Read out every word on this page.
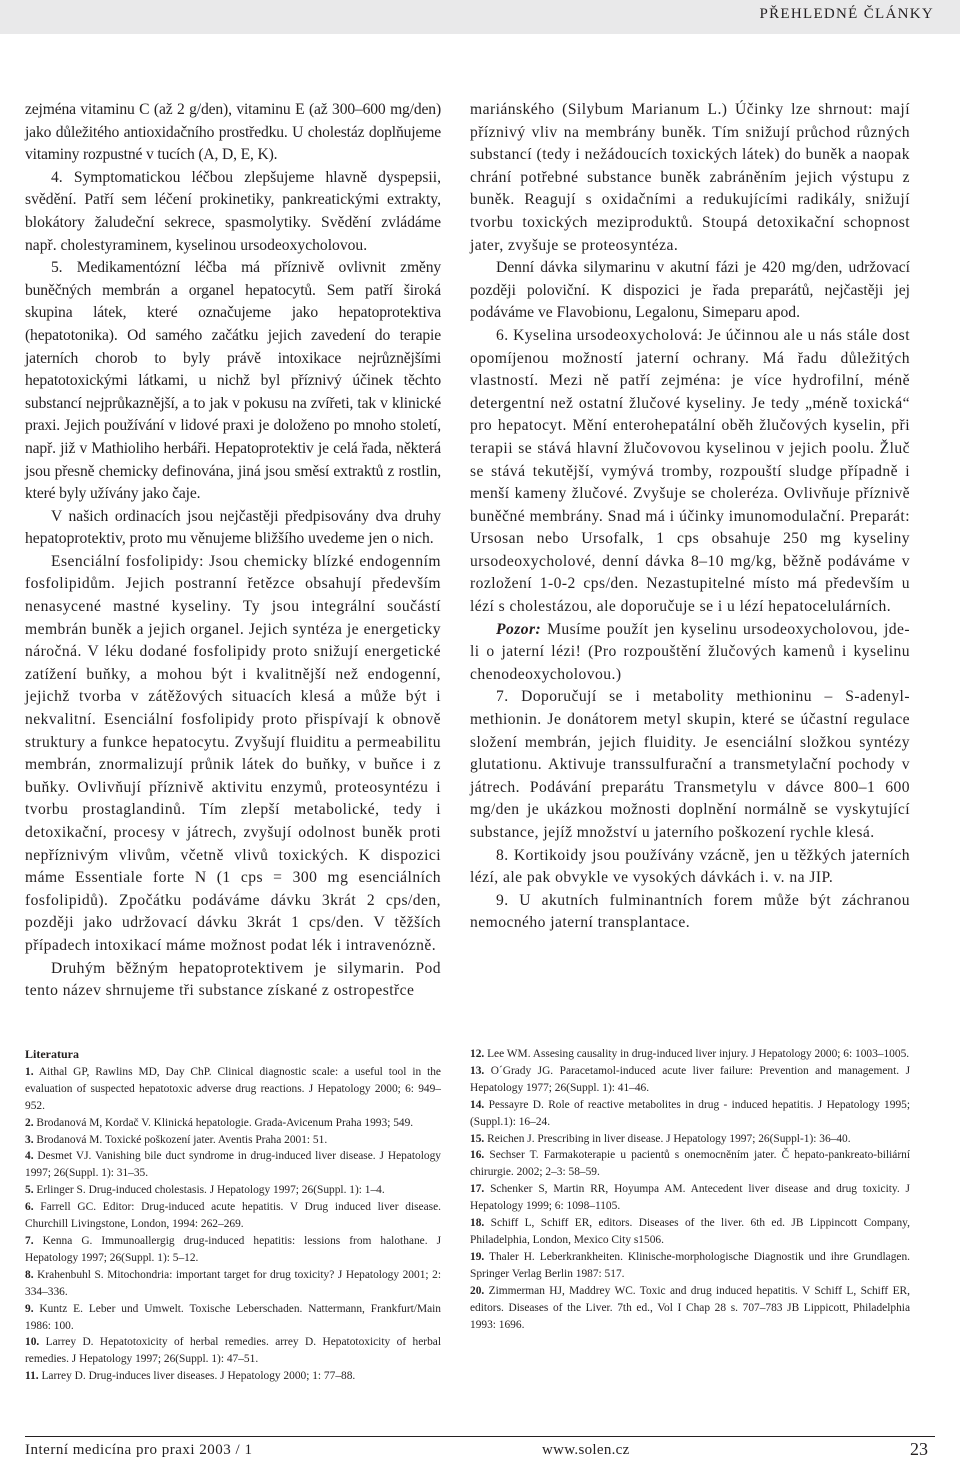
PŘEHLEDNÉ ČLÁNKY

zejména vitaminu C (až 2 g/den), vitaminu E (až 300–600 mg/den) jako důležitého antioxidačního prostředku. U cholestáz doplňujeme vitaminy rozpustné v tucích (A, D, E, K).

4. Symptomatickou léčbou zlepšujeme hlavně dyspepsii, svědění. Patří sem léčení prokinetiky, pankreatickými extrakty, blokátory žaludeční sekrece, spasmolytiky. Svědění zvládáme např. cholestyraminem, kyselinou ursodeoxycholovou.

5. Medikamentózní léčba má příznivě ovlivnit změny buněčných membrán a organel hepatocytů. Sem patří široká skupina látek, které označujeme jako hepatoprotektiva (hepatotonika). Od samého začátku jejich zavedení do terapie jaterních chorob to byly právě intoxikace nejrůznějšími hepatotoxickými látkami, u nichž byl příznivý účinek těchto substancí nejprůkaznější, a to jak v pokusu na zvířeti, tak v klinické praxi. Jejich používání v lidové praxi je doloženo po mnoho století, např. již v Mathioliho herbáři. Hepatoprotektiv je celá řada, některá jsou přesně chemicky definována, jiná jsou směsí extraktů z rostlin, které byly užívány jako čaje.

V našich ordinacích jsou nejčastěji předpisovány dva druhy hepatoprotektiv, proto mu věnujeme bližšího uvedeme jen o nich.

Esenciální fosfolipidy: Jsou chemicky blízké endogenním fosfolipidům. Jejich postranní řetězce obsahují především nenasycené mastné kyseliny. Ty jsou integrální součástí membrán buněk a jejich organel. Jejich syntéza je energeticky náročná. V léku dodané fosfolipidy proto snižují energetické zatížení buňky, a mohou být i kvalitnější než endogenní, jejichž tvorba v zátěžových situacích klesá a může být i nekvalitní. Esenciální fosfolipidy proto přispívají k obnově struktury a funkce hepatocytu. Zvyšují fluiditu a permeabilitu membrán, znormalizují průnik látek do buňky, v buňce i z buňky. Ovlivňují příznivě aktivitu enzymů, proteosyntézu i tvorbu prostaglandinů. Tím zlepší metabolické, tedy i detoxikační, procesy v játrech, zvyšují odolnost buněk proti nepříznivým vlivům, včetně vlivů toxických. K dispozici máme Essentiale forte N (1 cps = 300 mg esenciálních fosfolipidů). Zpočátku podáváme dávku 3krát 2 cps/den, později jako udržovací dávku 3krát 1 cps/den. V těžších případech intoxikací máme možnost podat lék i intravenózně.

Druhým běžným hepatoprotektivem je silymarin. Pod tento název shrnujeme tři substance získané z ostropestřce

mariánského (Silybum Marianum L.) Účinky lze shrnout: mají příznivý vliv na membrány buněk. Tím snižují průchod různých substancí (tedy i nežádoucích toxických látek) do buněk a naopak chrání potřebné substance buněk zabráněním jejich výstupu z buněk. Reagují s oxidačními a redukujícími radikály, snižují tvorbu toxických meziproduktů. Stoupá detoxikační schopnost jater, zvyšuje se proteosyntéza.

Denní dávka silymarinu v akutní fázi je 420 mg/den, udržovací později poloviční. K dispozici je řada preparátů, nejčastěji jej podáváme ve Flavobionu, Legalonu, Simeparu apod.

6. Kyselina ursodeoxycholová: Je účinnou ale u nás stále dost opomíjenou možností jaterní ochrany. Má řadu důležitých vlastností. Mezi ně patří zejména: je více hydrofilní, méně detergentní než ostatní žlučové kyseliny. Je tedy „méně toxická“ pro hepatocyt. Mění enterohepatální oběh žlučových kyselin, při terapii se stává hlavní žlučovovou kyselinou v jejich poolu. Žluč se stává tekutější, vymývá tromby, rozpouští sludge případně i menší kameny žlučové. Zvyšuje se choleréza. Ovlivňuje příznivě buněčné membrány. Snad má i účinky imunomodulační. Preparát: Ursosan nebo Ursofalk, 1 cps obsahuje 250 mg kyseliny ursodeoxycholové, denní dávka 8–10 mg/kg, běžně podáváme v rozložení 1-0-2 cps/den. Nezastupitelné místo má především u lézí s cholestázou, ale doporučuje se i u lézí hepatocelulárních.

Pozor: Musíme použít jen kyselinu ursodeoxycholovou, jde-li o jaterní lézi! (Pro rozpouštění žlučových kamenů i kyselinu chenodeoxycholovou.)

7. Doporučují se i metabolity methioninu – S-adenyl-methionin. Je donátorem metyl skupin, které se účastní regulace složení membrán, jejich fluidity. Je esenciální složkou syntézy glutationu. Aktivuje transsulfurační a transmetylační pochody v játrech. Podávání preparátu Transmetylu v dávce 800–1 600 mg/den je ukázkou možnosti doplnění normálně se vyskytující substance, jejíž množství u jaterního poškození rychle klesá.

8. Kortikoidy jsou používány vzácně, jen u těžkých jaterních lézí, ale pak obvykle ve vysokých dávkách i. v. na JIP.

9. U akutních fulminantních forem může být záchranou nemocného jaterní transplantace.

Literatura
1. Aithal GP, Rawlins MD, Day ChP. Clinical diagnostic scale: a useful tool in the evaluation of suspected hepatotoxic adverse drug reactions. J Hepatology 2000; 6: 949–952.
2. Brodanová M, Kordač V. Klinická hepatologie. Grada-Avicenum Praha 1993; 549.
3. Brodanová M. Toxické poškození jater. Aventis Praha 2001: 51.
4. Desmet VJ. Vanishing bile duct syndrome in drug-induced liver disease. J Hepatology 1997; 26(Suppl. 1): 31–35.
5. Erlinger S. Drug-induced cholestasis. J Hepatology 1997; 26(Suppl. 1): 1–4.
6. Farrell GC. Editor: Drug-induced acute hepatitis. V Drug induced liver disease. Churchill Livingstone, London, 1994: 262–269.
7. Kenna G. Immunoallergig drug-induced hepatitis: lessions from halothane. J Hepatology 1997; 26(Suppl. 1): 5–12.
8. Krahenbuhl S. Mitochondria: important target for drug toxicity? J Hepatology 2001; 2: 334–336.
9. Kuntz E. Leber und Umwelt. Toxische Leberschaden. Nattermann, Frankfurt/Main 1986: 100.
10. Larrey D. Hepatotoxicity of herbal remedies. arrey D. Hepatotoxicity of herbal remedies. J Hepatology 1997; 26(Suppl. 1): 47–51.
11. Larrey D. Drug-induces liver diseases. J Hepatology 2000; 1: 77–88.
12. Lee WM. Assesing causality in drug-induced liver injury. J Hepatology 2000; 6: 1003–1005.
13. O´Grady JG. Paracetamol-induced acute liver failure: Prevention and management. J Hepatology 1977; 26(Suppl. 1): 41–46.
14. Pessayre D. Role of reactive metabolites in drug - induced hepatitis. J Hepatology 1995; (Suppl.1): 16–24.
15. Reichen J. Prescribing in liver disease. J Hepatology 1997; 26(Suppl-1): 36–40.
16. Sechser T. Farmakoterapie u pacientů s onemocněním jater. Č hepato-pankreato-biliární chirurgie. 2002; 2–3: 58–59.
17. Schenker S, Martin RR, Hoyumpa AM. Antecedent liver disease and drug toxicity. J Hepatology 1999; 6: 1098–1105.
18. Schiff L, Schiff ER, editors. Diseases of the liver. 6th ed. JB Lippincott Company, Philadelphia, London, Mexico City s1506.
19. Thaler H. Leberkrankheiten. Klinische-morphologische Diagnostik und ihre Grundlagen. Springer Verlag Berlin 1987: 517.
20. Zimmerman HJ, Maddrey WC. Toxic and drug induced hepatitis. V Schiff L, Schiff ER, editors. Diseases of the Liver. 7th ed., Vol I Chap 28 s. 707–783 JB Lippicott, Philadelphia 1993: 1696.
Interní medicína pro praxi 2003 / 1	www.solen.cz	23
